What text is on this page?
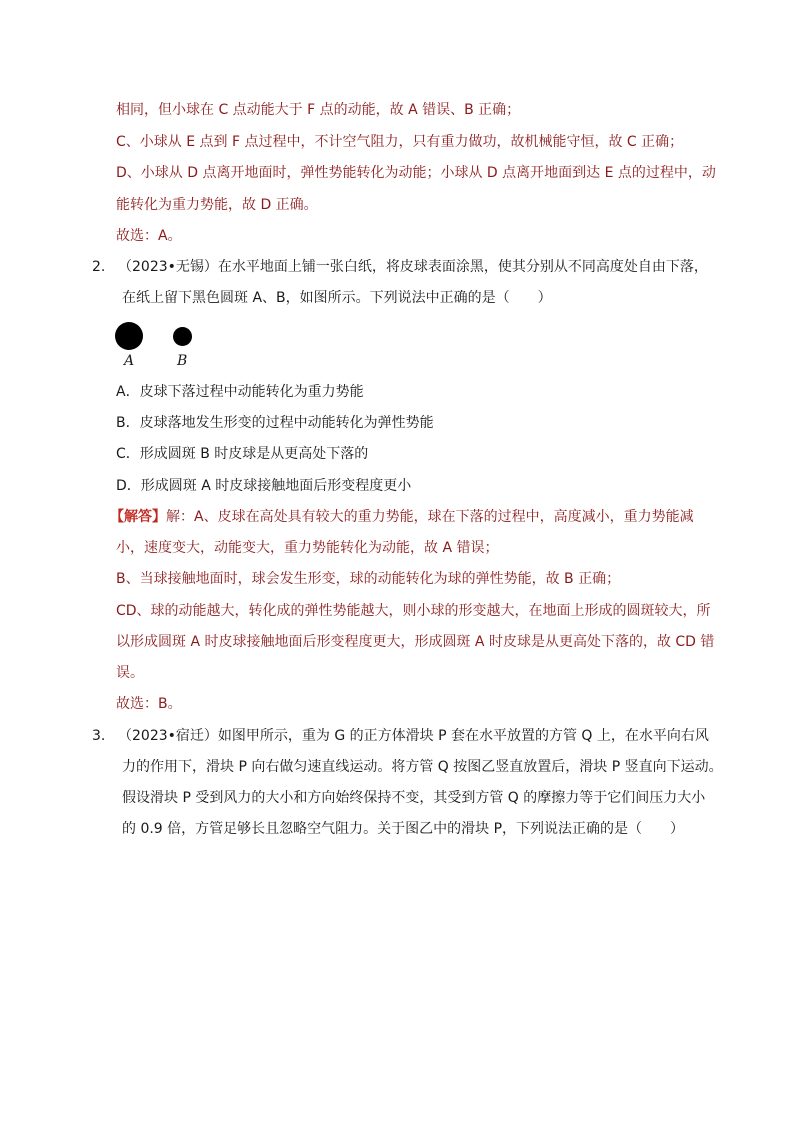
相同，但小球在 C 点动能大于 F 点的动能，故 A 错误、B 正确；
C、小球从 E 点到 F 点过程中，不计空气阻力，只有重力做功，故机械能守恒，故 C 正确；
D、小球从 D 点离开地面时，弹性势能转化为动能；小球从 D 点离开地面到达 E 点的过程中，动
能转化为重力势能，故 D 正确。
故选：A。
2. （2023•无锡）在水平地面上铺一张白纸，将皮球表面涂黑，使其分别从不同高度处自由下落，
在纸上留下黑色圆斑 A、B，如图所示。下列说法中正确的是（　　）
A	B
A．皮球下落过程中动能转化为重力势能
B．皮球落地发生形变的过程中动能转化为弹性势能
C．形成圆斑 B 时皮球是从更高处下落的
D．形成圆斑 A 时皮球接触地面后形变程度更小
【解答】解：A、皮球在高处具有较大的重力势能，球在下落的过程中，高度减小，重力势能减
小，速度变大，动能变大，重力势能转化为动能，故 A 错误；
B、当球接触地面时，球会发生形变，球的动能转化为球的弹性势能，故 B 正确；
CD、球的动能越大，转化成的弹性势能越大，则小球的形变越大，在地面上形成的圆斑较大，所
以形成圆斑 A 时皮球接触地面后形变程度更大，形成圆斑 A 时皮球是从更高处下落的，故 CD 错
误。
故选：B。
3. （2023•宿迁）如图甲所示，重为 G 的正方体滑块 P 套在水平放置的方管 Q 上，在水平向右风
力的作用下，滑块 P 向右做匀速直线运动。将方管 Q 按图乙竖直放置后，滑块 P 竖直向下运动。
假设滑块 P 受到风力的大小和方向始终保持不变，其受到方管 Q 的摩擦力等于它们间压力大小
的 0.9 倍，方管足够长且忽略空气阻力。关于图乙中的滑块 P，下列说法正确的是（　　）
